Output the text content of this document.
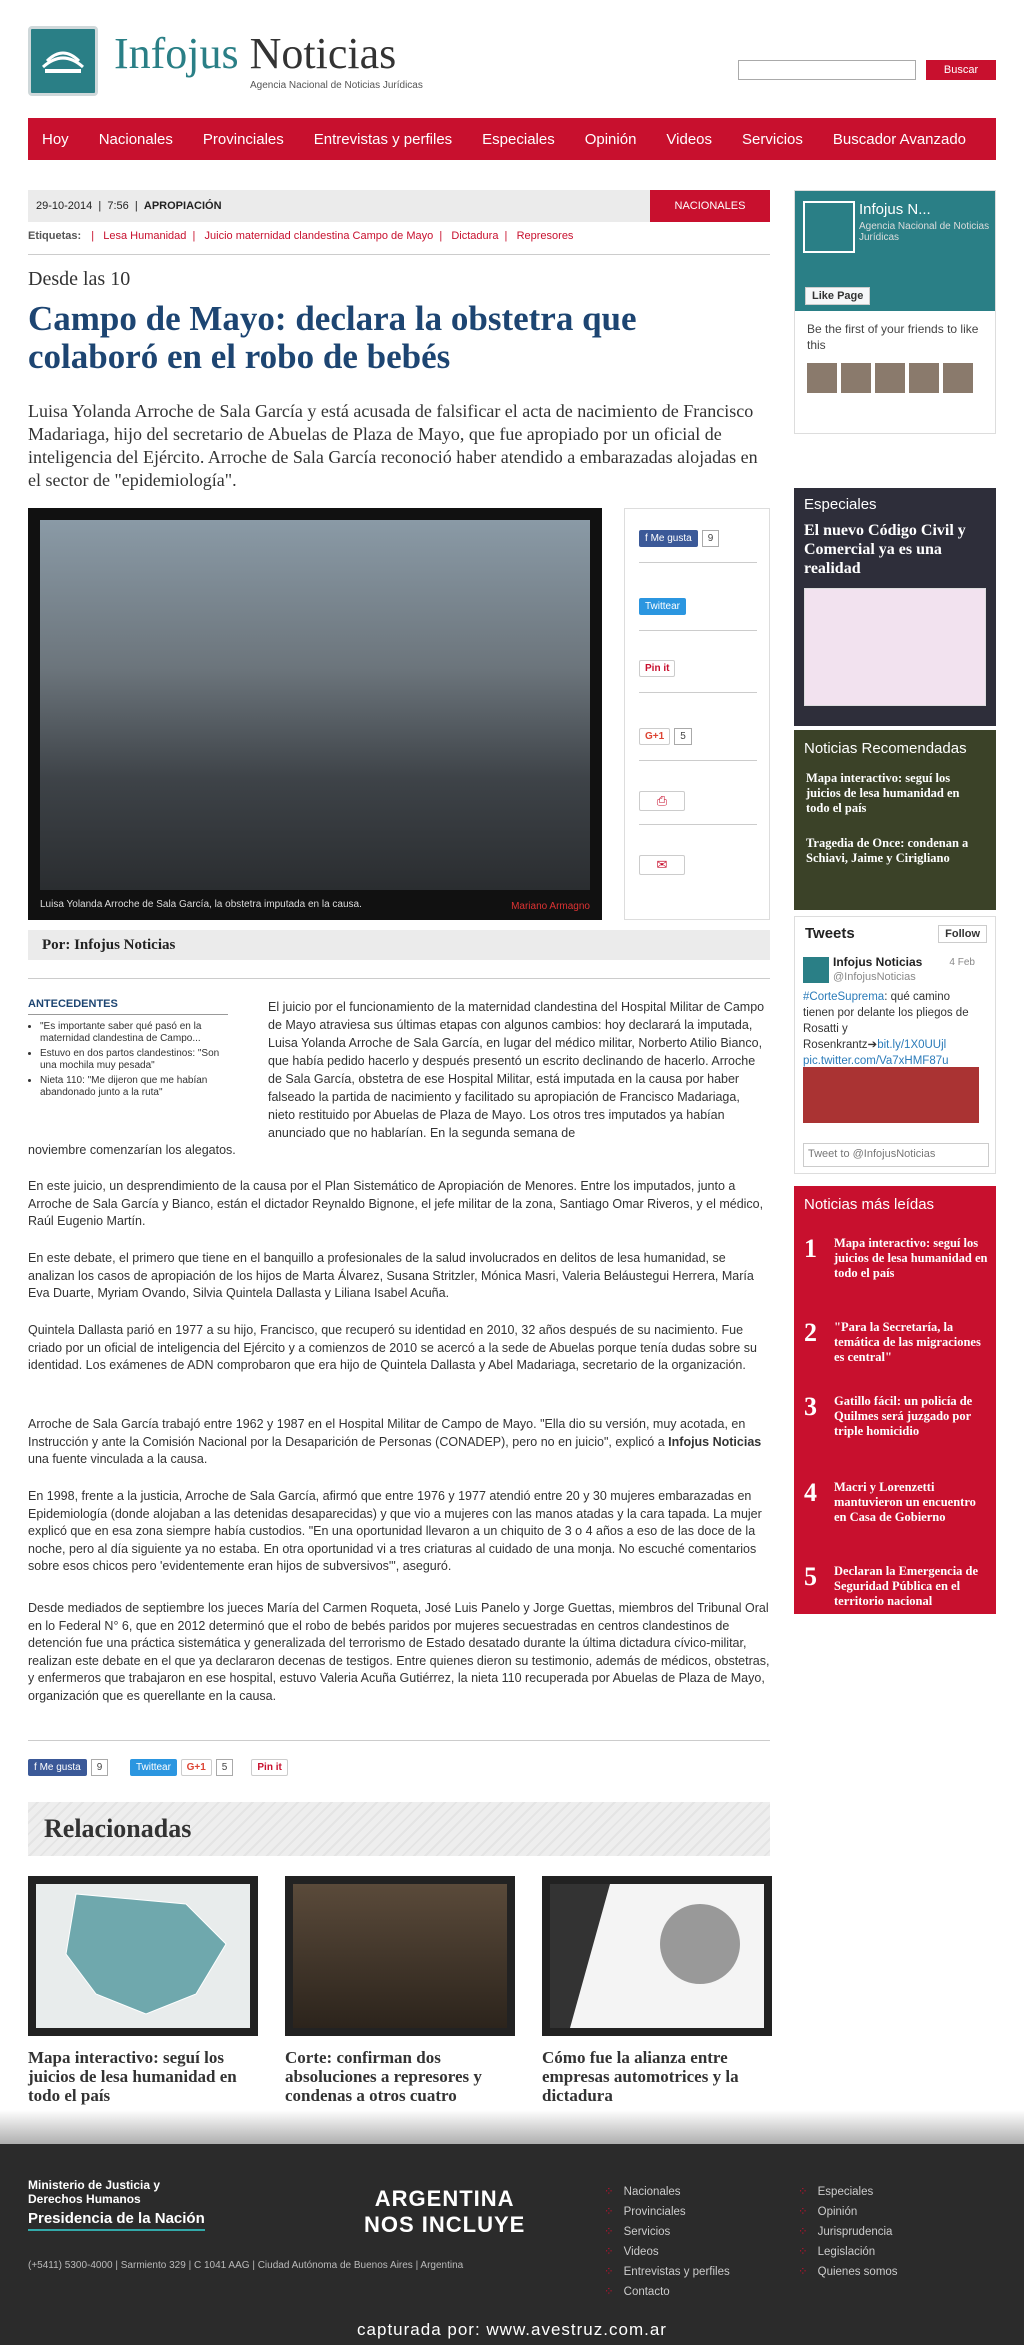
Infojus Noticias
Agencia Nacional de Noticias Jurídicas
Buscar
Hoy Nacionales Provinciales Entrevistas y perfiles Especiales Opinión Videos Servicios Buscador Avanzado
29-10-2014 | 7:56 | APROPIACIÓN	NACIONALES
Etiquetas: |   Lesa Humanidad  |   Juicio maternidad clandestina Campo de Mayo  |   Dictadura  |   Represores
Desde las 10
Campo de Mayo: declara la obstetra que colaboró en el robo de bebés

Luisa Yolanda Arroche de Sala García y está acusada de falsificar el acta de nacimiento de Francisco Madariaga, hijo del secretario de Abuelas de Plaza de Mayo, que fue apropiado por un oficial de inteligencia del Ejército. Arroche de Sala García reconoció haber atendido a embarazadas alojadas en el sector de "epidemiología".

Luisa Yolanda Arroche de Sala García, la obstetra imputada en la causa.	Mariano Armagno
f Me gusta 9
Twittear
Pin it
G+1 5
⎙
✉
Por: Infojus Noticias
ANTECEDENTES
• "Es importante saber qué pasó en la maternidad clandestina de Campo...
• Estuvo en dos partos clandestinos: "Son una mochila muy pesada"
• Nieta 110: "Me dijeron que me habían abandonado junto a la ruta"

El juicio por el funcionamiento de la maternidad clandestina del Hospital Militar de Campo de Mayo atraviesa sus últimas etapas con algunos cambios: hoy declarará la imputada, Luisa Yolanda Arroche de Sala García, en lugar del médico militar, Norberto Atilio Bianco, que había pedido hacerlo y después presentó un escrito declinando de hacerlo. Arroche de Sala García, obstetra de ese Hospital Militar, está imputada en la causa por haber falseado la partida de nacimiento y facilitado su apropiación de Francisco Madariaga, nieto restituido por Abuelas de Plaza de Mayo. Los otros tres imputados ya habían anunciado que no hablarían. En la segunda semana de

noviembre comenzarían los alegatos.

En este juicio, un desprendimiento de la causa por el Plan Sistemático de Apropiación de Menores. Entre los imputados, junto a Arroche de Sala García y Bianco, están el dictador Reynaldo Bignone, el jefe militar de la zona, Santiago Omar Riveros, y el médico, Raúl Eugenio Martín.

En este debate, el primero que tiene en el banquillo a profesionales de la salud involucrados en delitos de lesa humanidad, se analizan los casos de apropiación de los hijos de Marta Álvarez, Susana Stritzler, Mónica Masri, Valeria Beláustegui Herrera, María Eva Duarte, Myriam Ovando, Silvia Quintela Dallasta y Liliana Isabel Acuña.

Quintela Dallasta parió en 1977 a su hijo, Francisco, que recuperó su identidad en 2010, 32 años después de su nacimiento. Fue criado por un oficial de inteligencia del Ejército y a comienzos de 2010 se acercó a la sede de Abuelas porque tenía dudas sobre su identidad. Los exámenes de ADN comprobaron que era hijo de Quintela Dallasta y Abel Madariaga, secretario de la organización.

Arroche de Sala García trabajó entre 1962 y 1987 en el Hospital Militar de Campo de Mayo. "Ella dio su versión, muy acotada, en Instrucción y ante la Comisión Nacional por la Desaparición de Personas (CONADEP), pero no en juicio", explicó a Infojus Noticias una fuente vinculada a la causa.

En 1998, frente a la justicia, Arroche de Sala García, afirmó que entre 1976 y 1977 atendió entre 20 y 30 mujeres embarazadas en Epidemiología (donde alojaban a las detenidas desaparecidas) y que vio a mujeres con las manos atadas y la cara tapada. La mujer explicó que en esa zona siempre había custodios. "En una oportunidad llevaron a un chiquito de 3 o 4 años a eso de las doce de la noche, pero al día siguiente ya no estaba. En otra oportunidad vi a tres criaturas al cuidado de una monja. No escuché comentarios sobre esos chicos pero 'evidentemente eran hijos de subversivos'", aseguró.

Desde mediados de septiembre los jueces María del Carmen Roqueta, José Luis Panelo y Jorge Guettas, miembros del Tribunal Oral en lo Federal N° 6, que en 2012 determinó que el robo de bebés paridos por mujeres secuestradas en centros clandestinos de detención fue una práctica sistemática y generalizada del terrorismo de Estado desatado durante la última dictadura cívico-militar, realizan este debate en el que ya declararon decenas de testigos. Entre quienes dieron su testimonio, además de médicos, obstetras, y enfermeros que trabajaron en ese hospital, estuvo Valeria Acuña Gutiérrez, la nieta 110 recuperada por Abuelas de Plaza de Mayo, organización que es querellante en la causa.

f Me gusta 9	Twittear G+1 5	Pin it
Relacionadas
Mapa interactivo: seguí los juicios de lesa humanidad en todo el país
Corte: confirman dos absoluciones a represores y condenas a otros cuatro
Cómo fue la alianza entre empresas automotrices y la dictadura
Infojus N...
Agencia Nacional de Noticias Jurídicas
Like Page
Be the first of your friends to like this
Especiales
El nuevo Código Civil y Comercial ya es una realidad
Noticias Recomendadas
Mapa interactivo: seguí los juicios de lesa humanidad en todo el país
Tragedia de Once: condenan a Schiavi, Jaime y Cirigliano
Tweets	Follow
Infojus Noticias
@InfojusNoticias
4 Feb
#CorteSuprema: qué camino tienen por delante los pliegos de Rosatti y Rosenkrantz➔bit.ly/1X0UUjl pic.twitter.com/Va7xHMF87u
Tweet to @InfojusNoticias
Noticias más leídas
1 Mapa interactivo: seguí los juicios de lesa humanidad en todo el país
2 "Para la Secretaría, la temática de las migraciones es central"
3 Gatillo fácil: un policía de Quilmes será juzgado por triple homicidio
4 Macri y Lorenzetti mantuvieron un encuentro en Casa de Gobierno
5 Declaran la Emergencia de Seguridad Pública en el territorio nacional
Ministerio de Justicia y Derechos Humanos
Presidencia de la Nación
ARGENTINA
NOS INCLUYE
(+5411) 5300-4000 | Sarmiento 329 | C 1041 AAG | Ciudad Autónoma de Buenos Aires | Argentina
⁘ Nacionales
⁘ Provinciales
⁘ Servicios
⁘ Videos
⁘ Entrevistas y perfiles
⁘ Contacto
⁘ Especiales
⁘ Opinión
⁘ Jurisprudencia
⁘ Legislación
⁘ Quienes somos
capturada por: www.avestruz.com.ar
